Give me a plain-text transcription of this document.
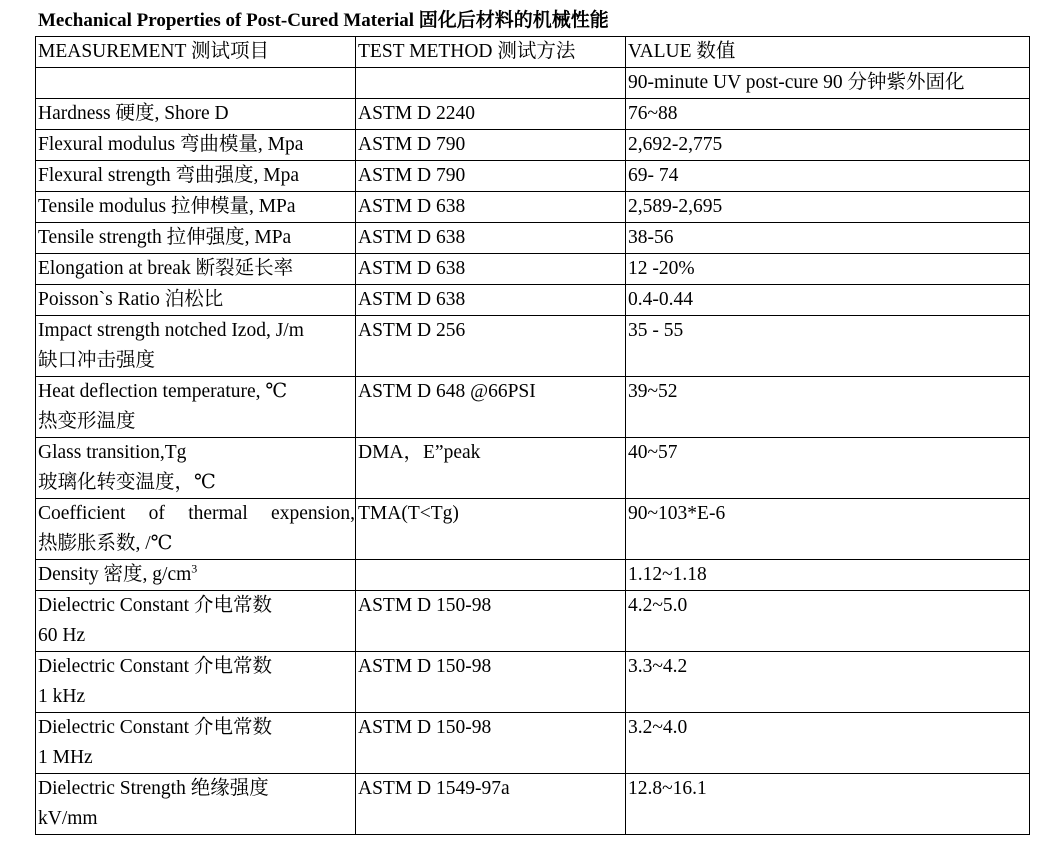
Mechanical Properties of Post-Cured Material 固化后材料的机械性能
MEASUREMENT 测试项目	TEST METHOD 测试方法	VALUE 数值
		90-minute UV post-cure 90 分钟紫外固化

Hardness 硬度, Shore D	ASTM D 2240	76~88

Flexural modulus 弯曲模量, Mpa	ASTM D 790	2,692-2,775

Flexural strength 弯曲强度, Mpa	ASTM D 790	69- 74

Tensile modulus 拉伸模量, MPa	ASTM D 638	2,589-2,695

Tensile strength 拉伸强度, MPa	ASTM D 638	38-56

Elongation at break 断裂延长率	ASTM D 638	12 -20%

Poisson`s Ratio 泊松比	ASTM D 638	0.4-0.44

Impact strength notched Izod, J/m
缺口冲击强度	ASTM D 256	35 - 55

Heat deflection temperature, ℃
热变形温度	ASTM D 648 @66PSI	39~52

Glass transition,Tg
玻璃化转变温度，℃	DMA，E”peak	40~57

Coefficient of thermal expension,
热膨胀系数, /℃	TMA(T<Tg)	90~103*E-6

Density 密度, $g/cm^3$		1.12~1.18

Dielectric Constant 介电常数
60 Hz	ASTM D 150-98	4.2~5.0

Dielectric Constant 介电常数
1 kHz	ASTM D 150-98	3.3~4.2

Dielectric Constant 介电常数
1 MHz	ASTM D 150-98	3.2~4.0

Dielectric Strength 绝缘强度
kV/mm	ASTM D 1549-97a	12.8~16.1
